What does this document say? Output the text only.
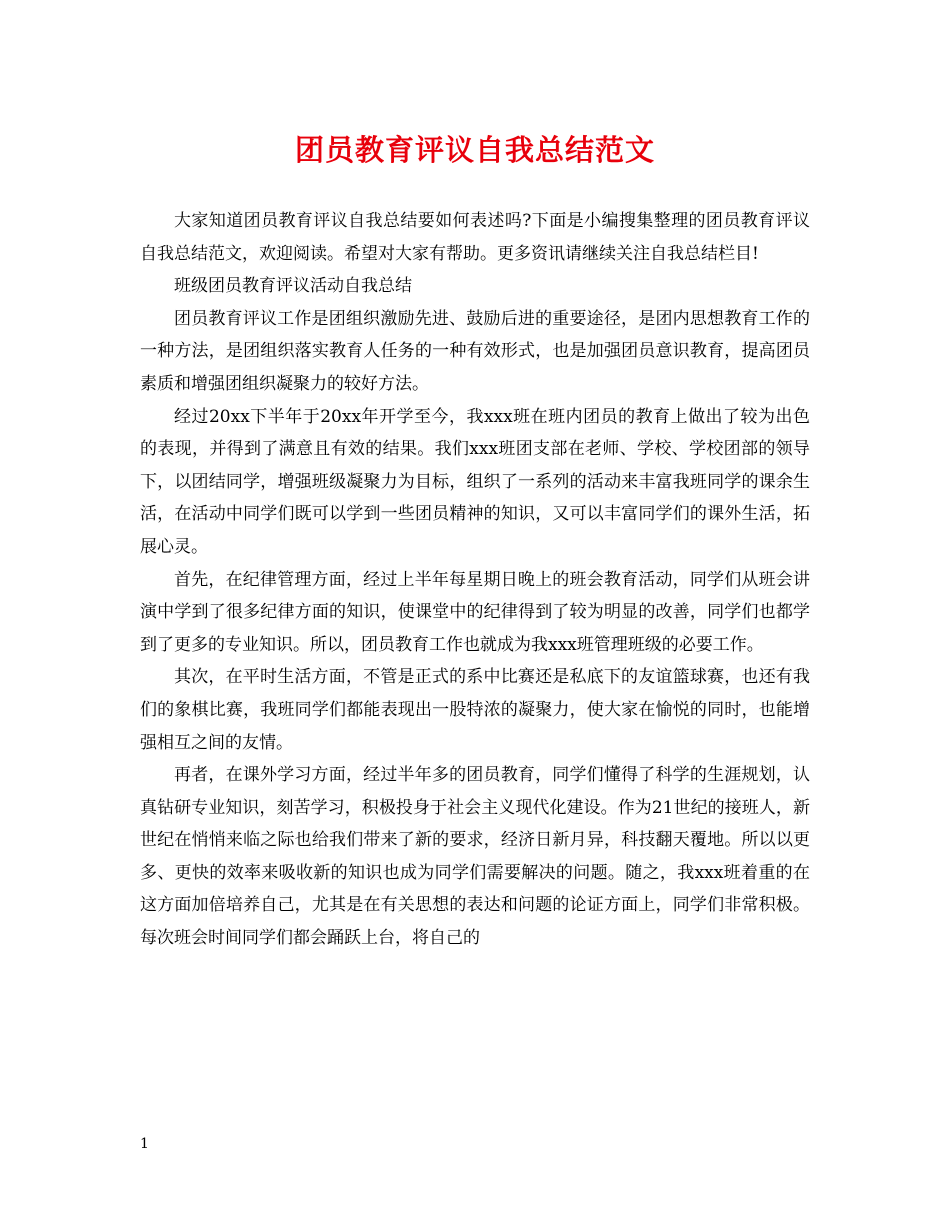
团员教育评议自我总结范文

大家知道团员教育评议自我总结要如何表述吗?下面是小编搜集整理的团员教育评议自我总结范文，欢迎阅读。希望对大家有帮助。更多资讯请继续关注自我总结栏目!

班级团员教育评议活动自我总结

团员教育评议工作是团组织激励先进、鼓励后进的重要途径，是团内思想教育工作的一种方法，是团组织落实教育人任务的一种有效形式，也是加强团员意识教育，提高团员素质和增强团组织凝聚力的较好方法。

经过20xx下半年于20xx年开学至今，我xxx班在班内团员的教育上做出了较为出色的表现，并得到了满意且有效的结果。我们xxx班团支部在老师、学校、学校团部的领导下，以团结同学，增强班级凝聚力为目标，组织了一系列的活动来丰富我班同学的课余生活，在活动中同学们既可以学到一些团员精神的知识，又可以丰富同学们的课外生活，拓展心灵。

首先，在纪律管理方面，经过上半年每星期日晚上的班会教育活动，同学们从班会讲演中学到了很多纪律方面的知识，使课堂中的纪律得到了较为明显的改善，同学们也都学到了更多的专业知识。所以，团员教育工作也就成为我xxx班管理班级的必要工作。

其次，在平时生活方面，不管是正式的系中比赛还是私底下的友谊篮球赛，也还有我们的象棋比赛，我班同学们都能表现出一股特浓的凝聚力，使大家在愉悦的同时，也能增强相互之间的友情。

再者，在课外学习方面，经过半年多的团员教育，同学们懂得了科学的生涯规划，认真钻研专业知识，刻苦学习，积极投身于社会主义现代化建设。作为21世纪的接班人，新世纪在悄悄来临之际也给我们带来了新的要求，经济日新月异，科技翻天覆地。所以以更多、更快的效率来吸收新的知识也成为同学们需要解决的问题。随之，我xxx班着重的在这方面加倍培养自己，尤其是在有关思想的表达和问题的论证方面上，同学们非常积极。每次班会时间同学们都会踊跃上台，将自己的

1
